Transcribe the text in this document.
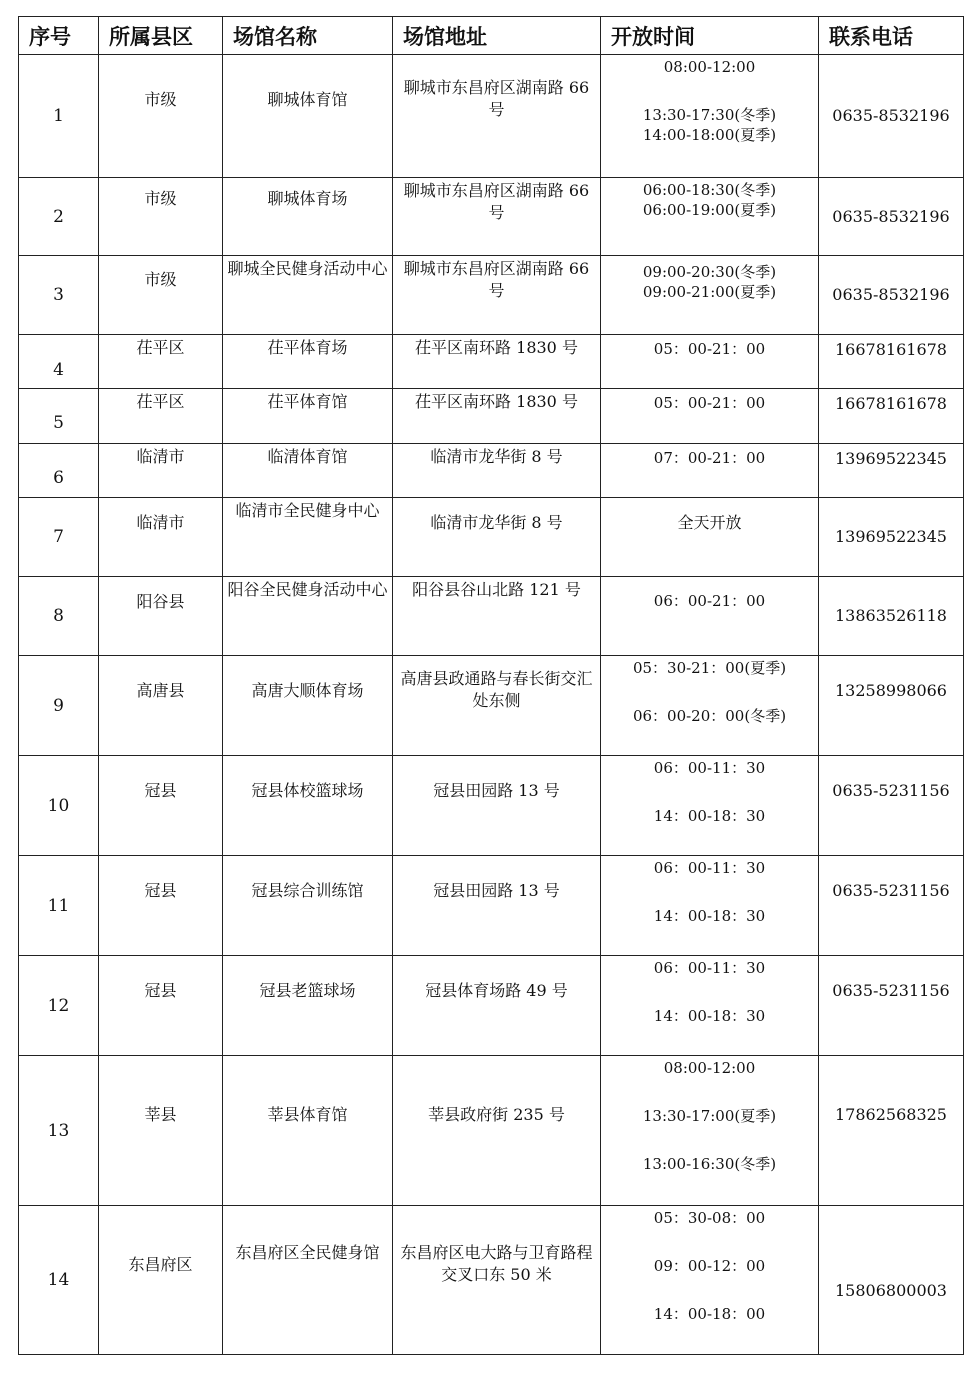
序号	所属县区	场馆名称	场馆地址	开放时间	联系电话
1	市级	聊城体育馆	聊城市东昌府区湖南路 66 号	08:00-12:00
13:30-17:30(冬季)
14:00-18:00(夏季)	0635-8532196
2	市级	聊城体育场	聊城市东昌府区湖南路 66 号	06:00-18:30(冬季)
06:00-19:00(夏季)	0635-8532196
3	市级	聊城全民健身活动中心	聊城市东昌府区湖南路 66 号	09:00-20:30(冬季)
09:00-21:00(夏季)	0635-8532196
4	茌平区	茌平体育场	茌平区南环路 1830 号	05：00-21：00	16678161678
5	茌平区	茌平体育馆	茌平区南环路 1830 号	05：00-21：00	16678161678
6	临清市	临清体育馆	临清市龙华街 8 号	07：00-21：00	13969522345
7	临清市	临清市全民健身中心	临清市龙华街 8 号	全天开放	13969522345
8	阳谷县	阳谷全民健身活动中心	阳谷县谷山北路 121 号	06：00-21：00	13863526118
9	高唐县	高唐大顺体育场	高唐县政通路与春长街交汇处东侧	05：30-21：00(夏季)
06：00-20：00(冬季)	13258998066
10	冠县	冠县体校篮球场	冠县田园路 13 号	06：00-11：30
14：00-18：30	0635-5231156
11	冠县	冠县综合训练馆	冠县田园路 13 号	06：00-11：30
14：00-18：30	0635-5231156
12	冠县	冠县老篮球场	冠县体育场路 49 号	06：00-11：30
14：00-18：30	0635-5231156
13	莘县	莘县体育馆	莘县政府街 235 号	08:00-12:00
13:30-17:00(夏季)
13:00-16:30(冬季)	17862568325
14	东昌府区	东昌府区全民健身馆	东昌府区电大路与卫育路程交叉口东 50 米	05：30-08：00
09：00-12：00
14：00-18：00	15806800003
